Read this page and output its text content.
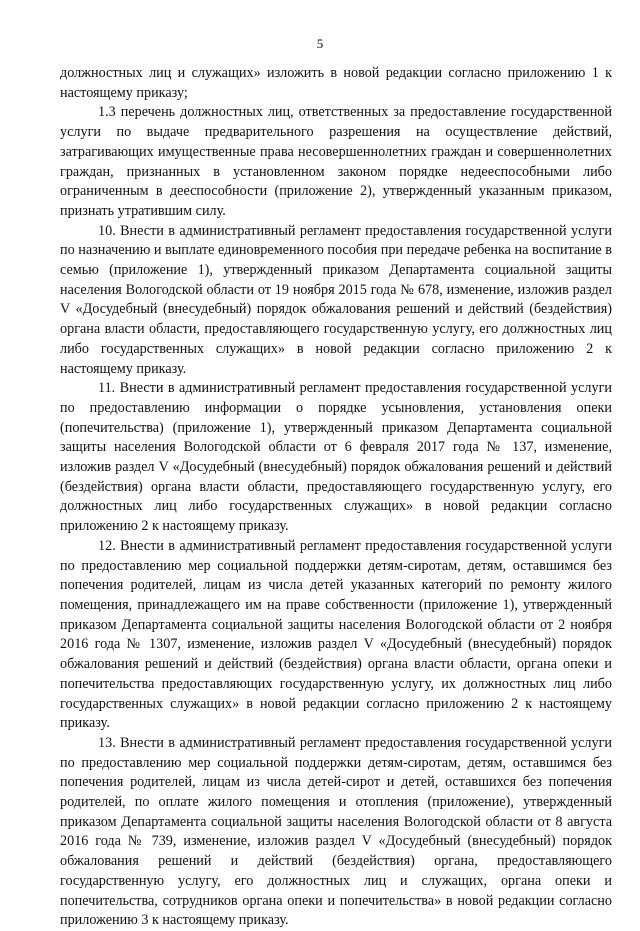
5

должностных лиц и служащих» изложить в новой редакции согласно приложению 1 к настоящему приказу;

1.3 перечень должностных лиц, ответственных за предоставление государственной услуги по выдаче предварительного разрешения на осуществление действий, затрагивающих имущественные права несовершеннолетних граждан и совершеннолетних граждан, признанных в установленном законом порядке недееспособными либо ограниченным в дееспособности (приложение 2), утвержденный указанным приказом, признать утратившим силу.

10. Внести в административный регламент предоставления государственной услуги по назначению и выплате единовременного пособия при передаче ребенка на воспитание в семью (приложение 1), утвержденный приказом Департамента социальной защиты населения Вологодской области от 19 ноября 2015 года № 678, изменение, изложив раздел V «Досудебный (внесудебный) порядок обжалования решений и действий (бездействия) органа власти области, предоставляющего государственную услугу, его должностных лиц либо государственных служащих» в новой редакции согласно приложению 2 к настоящему приказу.

11. Внести в административный регламент предоставления государственной услуги по предоставлению информации о порядке усыновления, установления опеки (попечительства) (приложение 1), утвержденный приказом Департамента социальной защиты населения Вологодской области от 6 февраля 2017 года № 137, изменение, изложив раздел V «Досудебный (внесудебный) порядок обжалования решений и действий (бездействия) органа власти области, предоставляющего государственную услугу, его должностных лиц либо государственных служащих» в новой редакции согласно приложению 2 к настоящему приказу.

12. Внести в административный регламент предоставления государственной услуги по предоставлению мер социальной поддержки детям-сиротам, детям, оставшимся без попечения родителей, лицам из числа детей указанных категорий по ремонту жилого помещения, принадлежащего им на праве собственности (приложение 1), утвержденный приказом Департамента социальной защиты населения Вологодской области от 2 ноября 2016 года № 1307, изменение, изложив раздел V «Досудебный (внесудебный) порядок обжалования решений и действий (бездействия) органа власти области, органа опеки и попечительства предоставляющих государственную услугу, их должностных лиц либо государственных служащих» в новой редакции согласно приложению 2 к настоящему приказу.

13. Внести в административный регламент предоставления государственной услуги по предоставлению мер социальной поддержки детям-сиротам, детям, оставшимся без попечения родителей, лицам из числа детей-сирот и детей, оставшихся без попечения родителей, по оплате жилого помещения и отопления (приложение), утвержденный приказом Департамента социальной защиты населения Вологодской области от 8 августа 2016 года № 739, изменение, изложив раздел V «Досудебный (внесудебный) порядок обжалования решений и действий (бездействия) органа, предоставляющего государственную услугу, его должностных лиц и служащих, органа опеки и попечительства, сотрудников органа опеки и попечительства» в новой редакции согласно приложению 3 к настоящему приказу.
